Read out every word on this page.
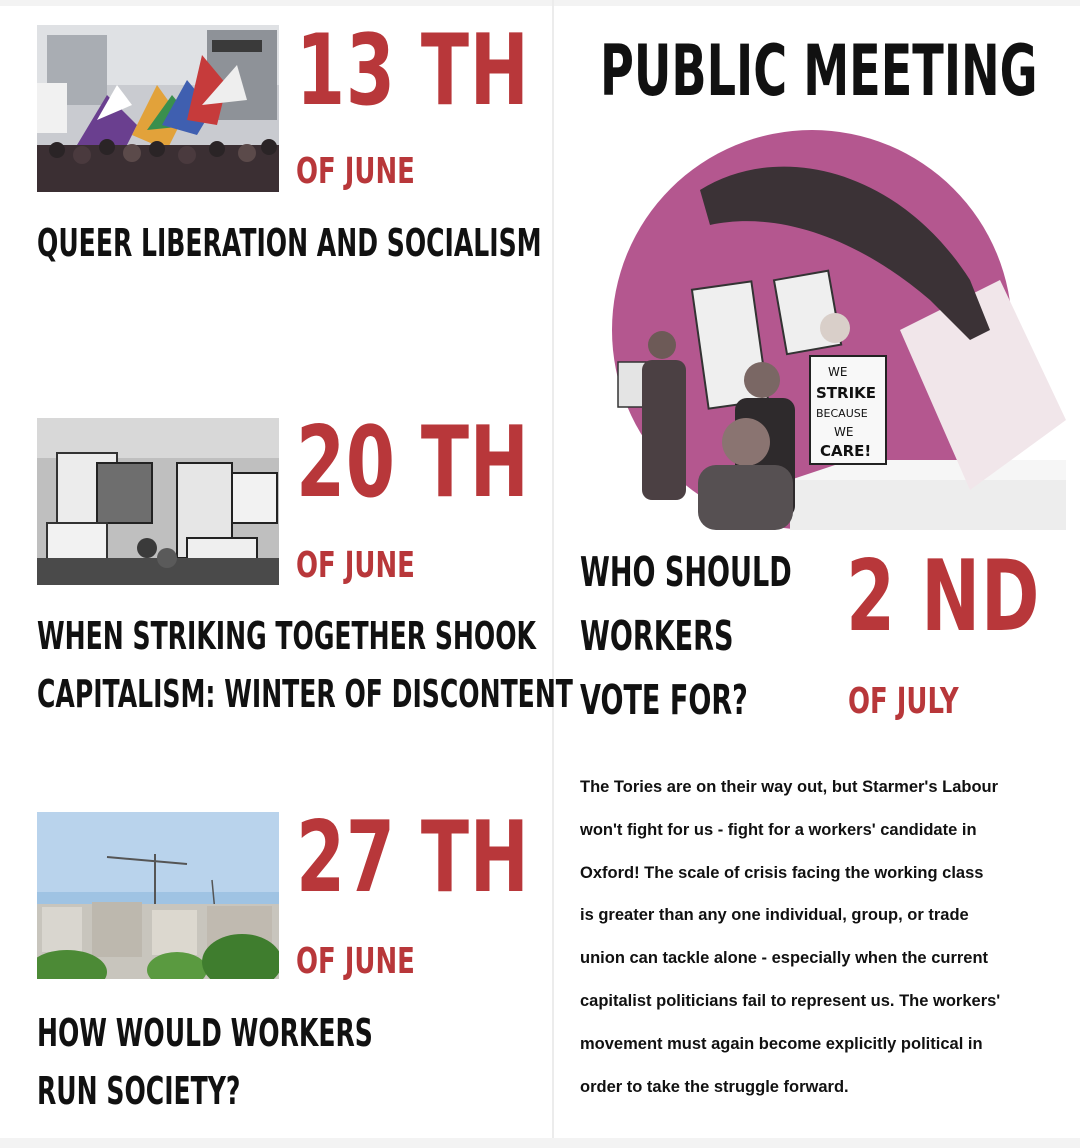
13 TH
OF JUNE
QUEER LIBERATION AND SOCIALISM
20 TH
OF JUNE
WHEN STRIKING TOGETHER SHOOK
CAPITALISM: WINTER OF DISCONTENT
27 TH
OF JUNE
HOW WOULD WORKERS
RUN SOCIETY?
PUBLIC MEETING
WE
STRIKE
BECAUSE
WE
CARE!
WHO SHOULD
WORKERS
VOTE FOR?
2 ND
OF JULY
The Tories are on their way out, but Starmer's Labour
won't fight for us - fight for a workers' candidate in
Oxford! The scale of crisis facing the working class
is greater than any one individual, group, or trade
union can tackle alone - especially when the current
capitalist politicians fail to represent us. The workers'
movement must again become explicitly political in
order to take the struggle forward.
